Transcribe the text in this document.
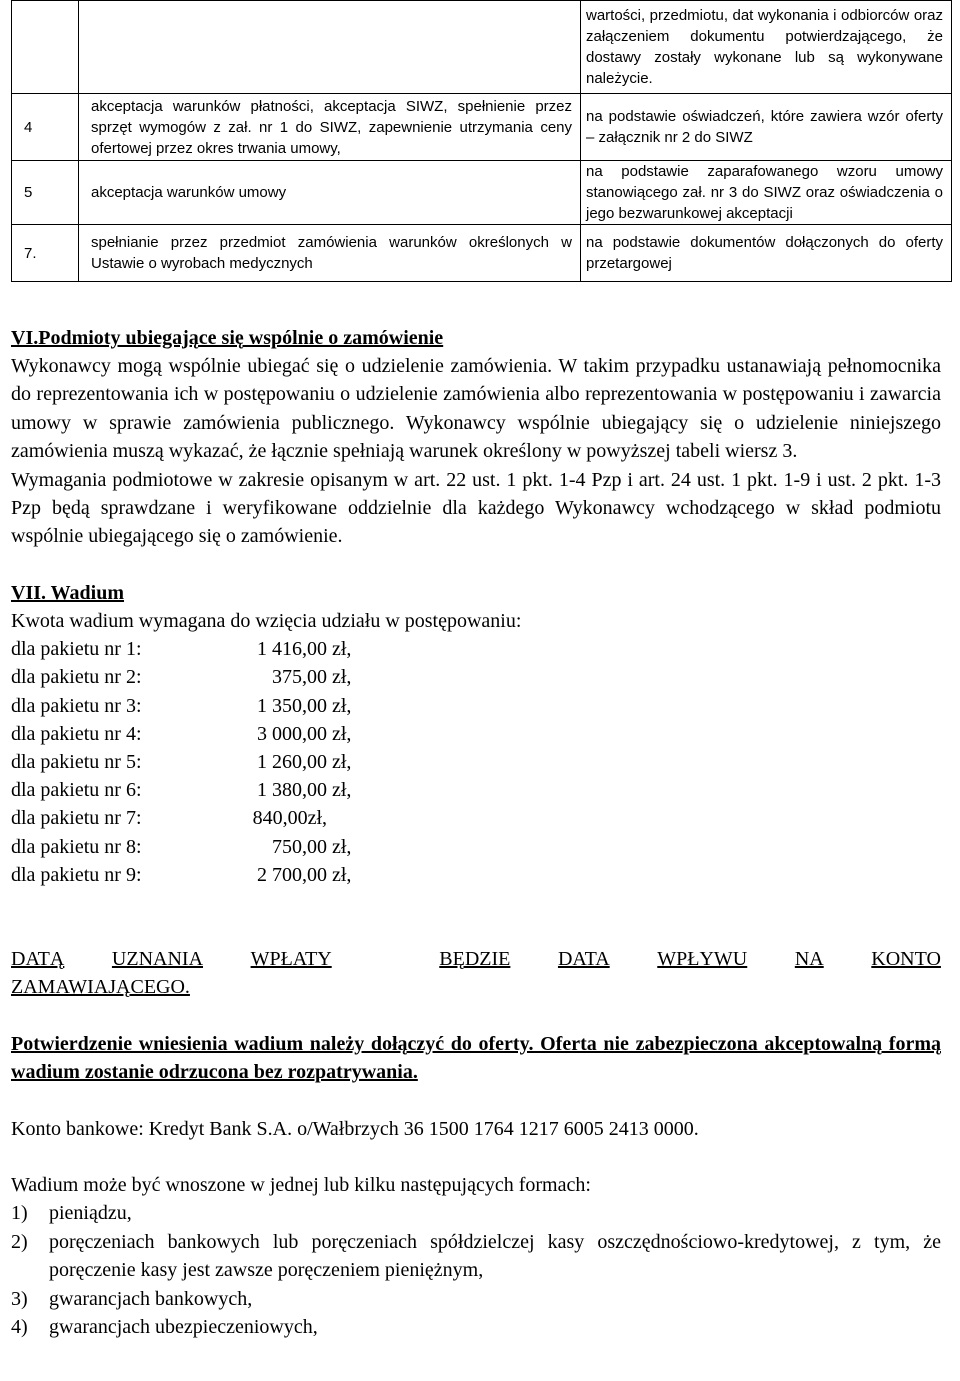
		wartości, przedmiotu, dat wykonania i odbiorców oraz załączeniem dokumentu potwierdzającego, że dostawy zostały wykonane lub są wykonywane należycie.
4	akceptacja warunków płatności, akceptacja SIWZ, spełnienie przez sprzęt wymogów z zał. nr 1 do SIWZ, zapewnienie utrzymania ceny ofertowej przez okres trwania umowy,	na podstawie oświadczeń, które zawiera wzór oferty – załącznik nr 2 do SIWZ
5	akceptacja warunków umowy	na podstawie zaparafowanego wzoru umowy stanowiącego zał. nr 3 do SIWZ oraz oświadczenia o jego bezwarunkowej akceptacji
7.	spełnianie przez przedmiot zamówienia warunków określonych w Ustawie o wyrobach medycznych	na podstawie dokumentów dołączonych do oferty przetargowej
VI.Podmioty ubiegające się wspólnie o zamówienie

Wykonawcy mogą wspólnie ubiegać się o udzielenie zamówienia. W takim przypadku ustanawiają pełnomocnika do reprezentowania ich w postępowaniu o udzielenie zamówienia albo reprezentowania w postępowaniu i zawarcia umowy w sprawie zamówienia publicznego. Wykonawcy wspólnie ubiegający się o udzielenie niniejszego zamówienia muszą wykazać, że łącznie spełniają warunek określony w powyższej tabeli wiersz 3.

Wymagania podmiotowe w zakresie opisanym w art. 22 ust. 1 pkt. 1-4 Pzp i art. 24 ust. 1 pkt. 1-9 i ust. 2 pkt. 1-3 Pzp będą sprawdzane i weryfikowane oddzielnie dla każdego Wykonawcy wchodzącego w skład podmiotu wspólnie ubiegającego się o zamówienie.

VII. Wadium

Kwota wadium wymagana do wzięcia udziału w postępowaniu:

dla pakietu nr 1:	1 416,00 zł,
dla pakietu nr 2:	375,00 zł,
dla pakietu nr 3:	1 350,00 zł,
dla pakietu nr 4:	3 000,00 zł,
dla pakietu nr 5:	1 260,00 zł,
dla pakietu nr 6:	1 380,00 zł,
dla pakietu nr 7:	840,00zł,
dla pakietu nr 8:	750,00 zł,
dla pakietu nr 9:	2 700,00 zł,
DATĄ UZNANIA WPŁATY	BĘDZIE DATA WPŁYWU NA KONTO

ZAMAWIAJĄCEGO.

Potwierdzenie wniesienia wadium należy dołączyć do oferty. Oferta nie zabezpieczona akceptowalną formą wadium zostanie odrzucona bez rozpatrywania.

Konto bankowe: Kredyt Bank S.A. o/Wałbrzych 36 1500 1764 1217 6005 2413 0000.

Wadium może być wnoszone w jednej lub kilku następujących formach:

1)	pieniądzu,
2)	poręczeniach bankowych lub poręczeniach spółdzielczej kasy oszczędnościowo-kredytowej, z tym, że poręczenie kasy jest zawsze poręczeniem pieniężnym,
3)	gwarancjach bankowych,
4)	gwarancjach ubezpieczeniowych,
